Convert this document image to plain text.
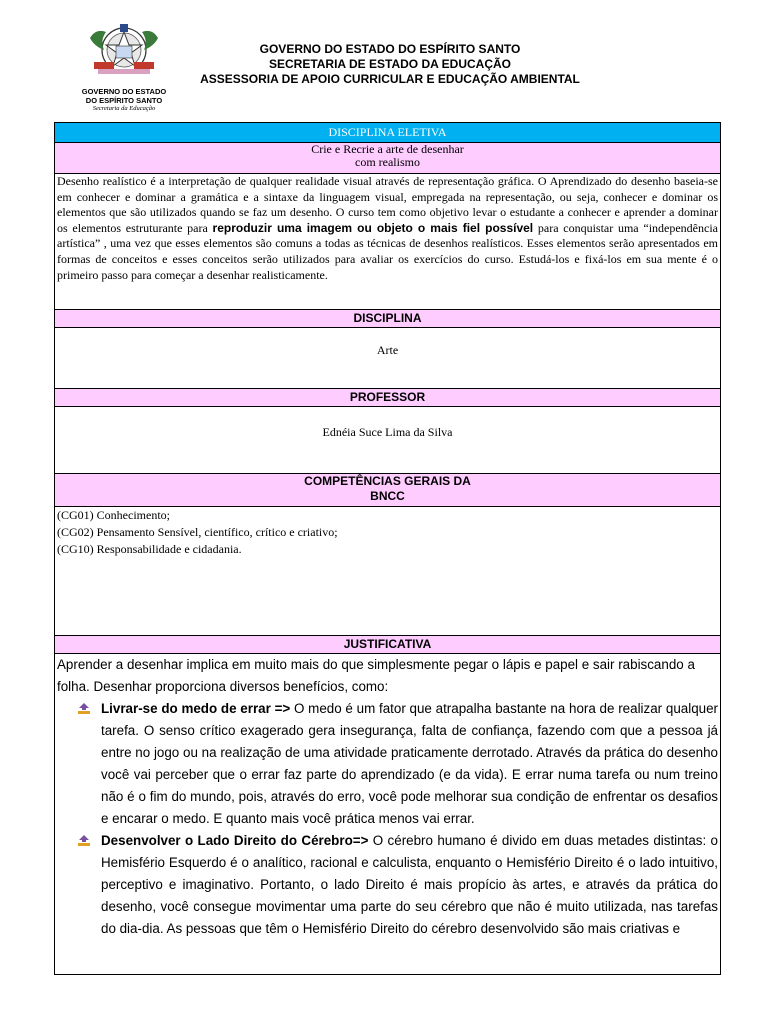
GOVERNO DO ESTADO
DO ESPÍRITO SANTO
Secretaria da Educação
GOVERNO DO ESTADO DO ESPÍRITO SANTO
SECRETARIA DE ESTADO DA EDUCAÇÃO
ASSESSORIA DE APOIO CURRICULAR E EDUCAÇÃO AMBIENTAL
DISCIPLINA ELETIVA

Crie e Recrie a arte de desenhar
com realismo

Desenho realístico é a interpretação de qualquer realidade visual através de representação gráfica. O Aprendizado do desenho baseia-se em conhecer e dominar a gramática e a sintaxe da linguagem visual, empregada na representação, ou seja, conhecer e dominar os elementos que são utilizados quando se faz um desenho. O curso tem como objetivo levar o estudante a conhecer e aprender a dominar os elementos estruturante para reproduzir uma imagem ou objeto o mais fiel possível para conquistar uma “independência artística” , uma vez que esses elementos são comuns a todas as técnicas de desenhos realísticos. Esses elementos serão apresentados em formas de conceitos e esses conceitos serão utilizados para avaliar os exercícios do curso. Estudá-los e fixá-los em sua mente é o primeiro passo para começar a desenhar realisticamente.
DISCIPLINA
Arte
PROFESSOR
Ednéia Suce Lima da Silva

COMPETÊNCIAS GERAIS DA
BNCC

(CG01) Conhecimento;
(CG02) Pensamento Sensível, científico, crítico e criativo;
(CG10) Responsabilidade e cidadania.

JUSTIFICATIVA

Aprender a desenhar implica em muito mais do que simplesmente pegar o lápis e papel e sair rabiscando a folha. Desenhar proporciona diversos benefícios, como:

Livrar-se do medo de errar => O medo é um fator que atrapalha bastante na hora de realizar qualquer tarefa. O senso crítico exagerado gera insegurança, falta de confiança, fazendo com que a pessoa já entre no jogo ou na realização de uma atividade praticamente derrotado. Através da prática do desenho você vai perceber que o errar faz parte do aprendizado (e da vida). E errar numa tarefa ou num treino não é o fim do mundo, pois, através do erro, você pode melhorar sua condição de enfrentar os desafios e encarar o medo. E quanto mais você prática menos vai errar.

Desenvolver o Lado Direito do Cérebro=> O cérebro humano é divido em duas metades distintas: o Hemisfério Esquerdo é o analítico, racional e calculista, enquanto o Hemisfério Direito é o lado intuitivo, perceptivo e imaginativo. Portanto, o lado Direito é mais propício às artes, e através da prática do desenho, você consegue movimentar uma parte do seu cérebro que não é muito utilizada, nas tarefas do dia-dia. As pessoas que têm o Hemisfério Direito do cérebro desenvolvido são mais criativas e
